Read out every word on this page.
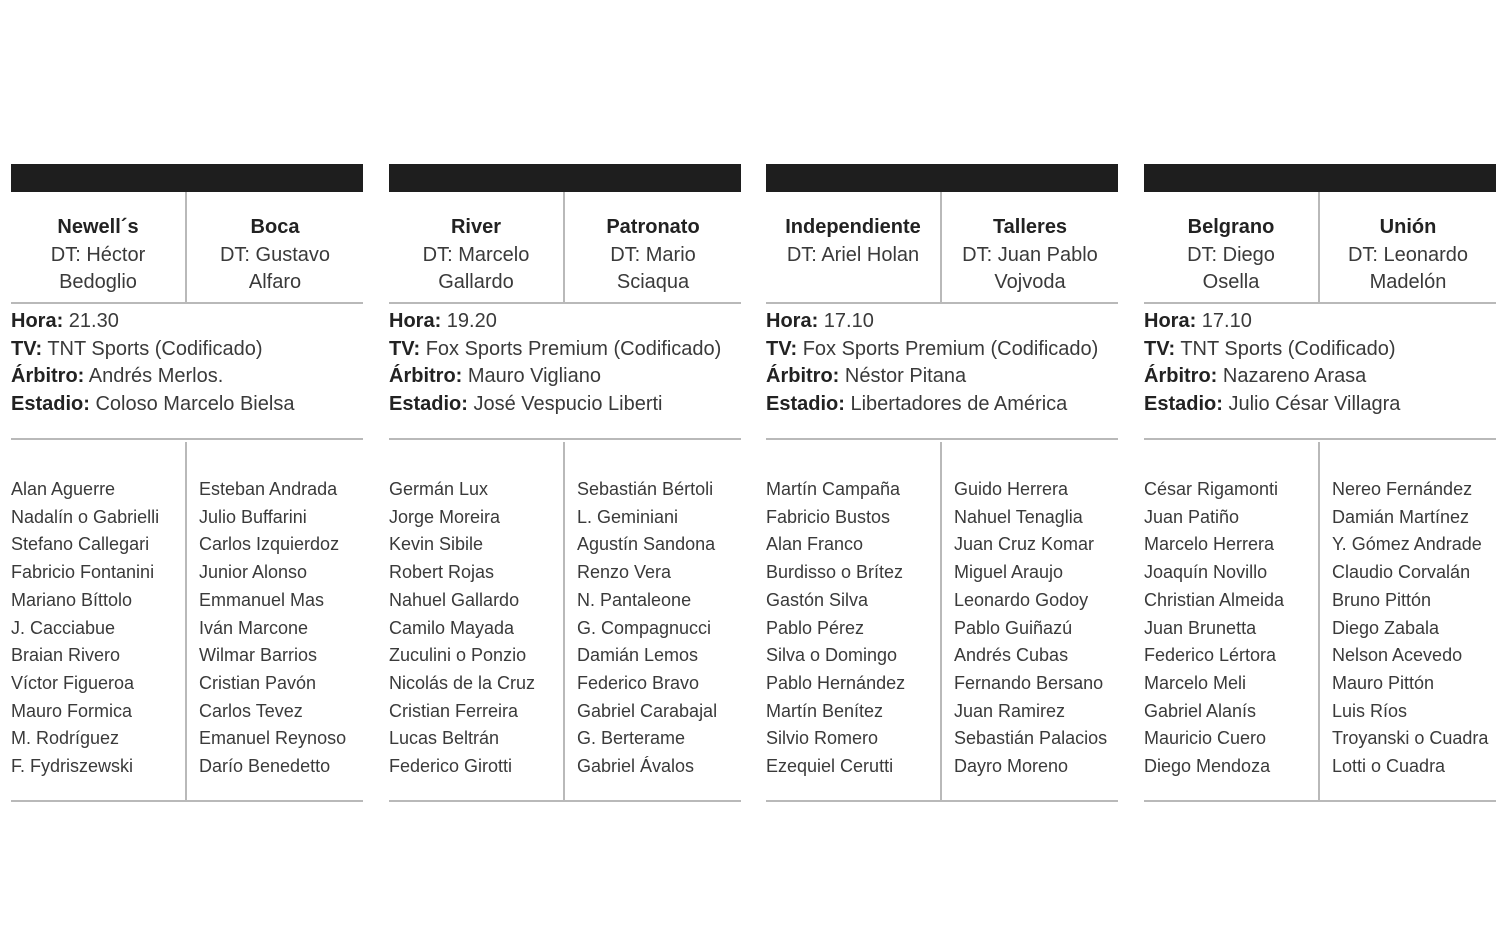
Newell´s
DT: Héctor Bedoglio
Boca
DT: Gustavo Alfaro
Hora: 21.30
TV: TNT Sports (Codificado)
Árbitro: Andrés Merlos.
Estadio: Coloso Marcelo Bielsa
Alan Aguerre
Nadalín o Gabrielli
Stefano Callegari
Fabricio Fontanini
Mariano Bíttolo
J. Cacciabue
Braian Rivero
Víctor Figueroa
Mauro Formica
M. Rodríguez
F. Fydriszewski
Esteban Andrada
Julio Buffarini
Carlos Izquierdoz
Junior Alonso
Emmanuel Mas
Iván Marcone
Wilmar Barrios
Cristian Pavón
Carlos Tevez
Emanuel Reynoso
Darío Benedetto
River
DT: Marcelo Gallardo
Patronato
DT: Mario Sciaqua
Hora: 19.20
TV: Fox Sports Premium (Codificado)
Árbitro: Mauro Vigliano
Estadio: José Vespucio Liberti
Germán Lux
Jorge Moreira
Kevin Sibile
Robert Rojas
Nahuel Gallardo
Camilo Mayada
Zuculini o Ponzio
Nicolás de la Cruz
Cristian Ferreira
Lucas Beltrán
Federico Girotti
Sebastián Bértoli
L. Geminiani
Agustín Sandona
Renzo Vera
N. Pantaleone
G. Compagnucci
Damián Lemos
Federico Bravo
Gabriel Carabajal
G. Berterame
Gabriel Ávalos
Independiente
DT: Ariel Holan
Talleres
DT: Juan Pablo Vojvoda
Hora: 17.10
TV: Fox Sports Premium (Codificado)
Árbitro: Néstor Pitana
Estadio: Libertadores de América
Martín Campaña
Fabricio Bustos
Alan Franco
Burdisso o Brítez
Gastón Silva
Pablo Pérez
Silva o Domingo
Pablo Hernández
Martín Benítez
Silvio Romero
Ezequiel Cerutti
Guido Herrera
Nahuel Tenaglia
Juan Cruz Komar
Miguel Araujo
Leonardo Godoy
Pablo Guiñazú
Andrés Cubas
Fernando Bersano
Juan Ramirez
Sebastián Palacios
Dayro Moreno
Belgrano
DT: Diego Osella
Unión
DT: Leonardo Madelón
Hora: 17.10
TV: TNT Sports (Codificado)
Árbitro: Nazareno Arasa
Estadio: Julio César Villagra
César Rigamonti
Juan Patiño
Marcelo Herrera
Joaquín Novillo
Christian Almeida
Juan Brunetta
Federico Lértora
Marcelo Meli
Gabriel Alanís
Mauricio Cuero
Diego Mendoza
Nereo Fernández
Damián Martínez
Y. Gómez Andrade
Claudio Corvalán
Bruno Pittón
Diego Zabala
Nelson Acevedo
Mauro Pittón
Luis Ríos
Troyanski o Cuadra
Lotti o Cuadra
